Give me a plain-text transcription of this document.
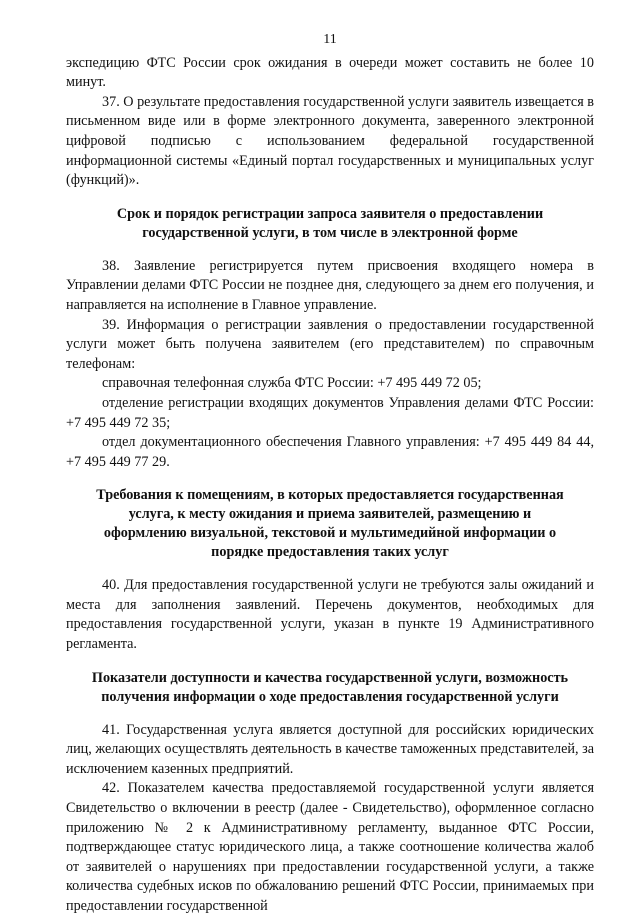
11

экспедицию ФТС России срок ожидания в очереди может составить не более 10 минут.

37. О результате предоставления государственной услуги заявитель извещается в письменном виде или в форме электронного документа, заверенного электронной цифровой подписью с использованием федеральной государственной информационной системы «Единый портал государственных и муниципальных услуг (функций)».

Срок и порядок регистрации запроса заявителя о предоставлении государственной услуги, в том числе в электронной форме

38. Заявление регистрируется путем присвоения входящего номера в Управлении делами ФТС России не позднее дня, следующего за днем его получения, и направляется на исполнение в Главное управление.

39. Информация о регистрации заявления о предоставлении государственной услуги может быть получена заявителем (его представителем) по справочным телефонам:

справочная телефонная служба ФТС России: +7 495 449 72 05;

отделение регистрации входящих документов Управления делами ФТС России: +7 495 449 72 35;

отдел документационного обеспечения Главного управления: +7 495 449 84 44, +7 495 449 77 29.

Требования к помещениям, в которых предоставляется государственная услуга, к месту ожидания и приема заявителей, размещению и оформлению визуальной, текстовой и мультимедийной информации о порядке предоставления таких услуг

40. Для предоставления государственной услуги не требуются залы ожиданий и места для заполнения заявлений. Перечень документов, необходимых для предоставления государственной услуги, указан в пункте 19 Административного регламента.

Показатели доступности и качества государственной услуги, возможность получения информации о ходе предоставления государственной услуги

41. Государственная услуга является доступной для российских юридических лиц, желающих осуществлять деятельность в качестве таможенных представителей, за исключением казенных предприятий.

42. Показателем качества предоставляемой государственной услуги является Свидетельство о включении в реестр (далее - Свидетельство), оформленное согласно приложению № 2 к Административному регламенту, выданное ФТС России, подтверждающее статус юридического лица, а также соотношение количества жалоб от заявителей о нарушениях при предоставлении государственной услуги, а также количества судебных исков по обжалованию решений ФТС России, принимаемых при предоставлении государственной
